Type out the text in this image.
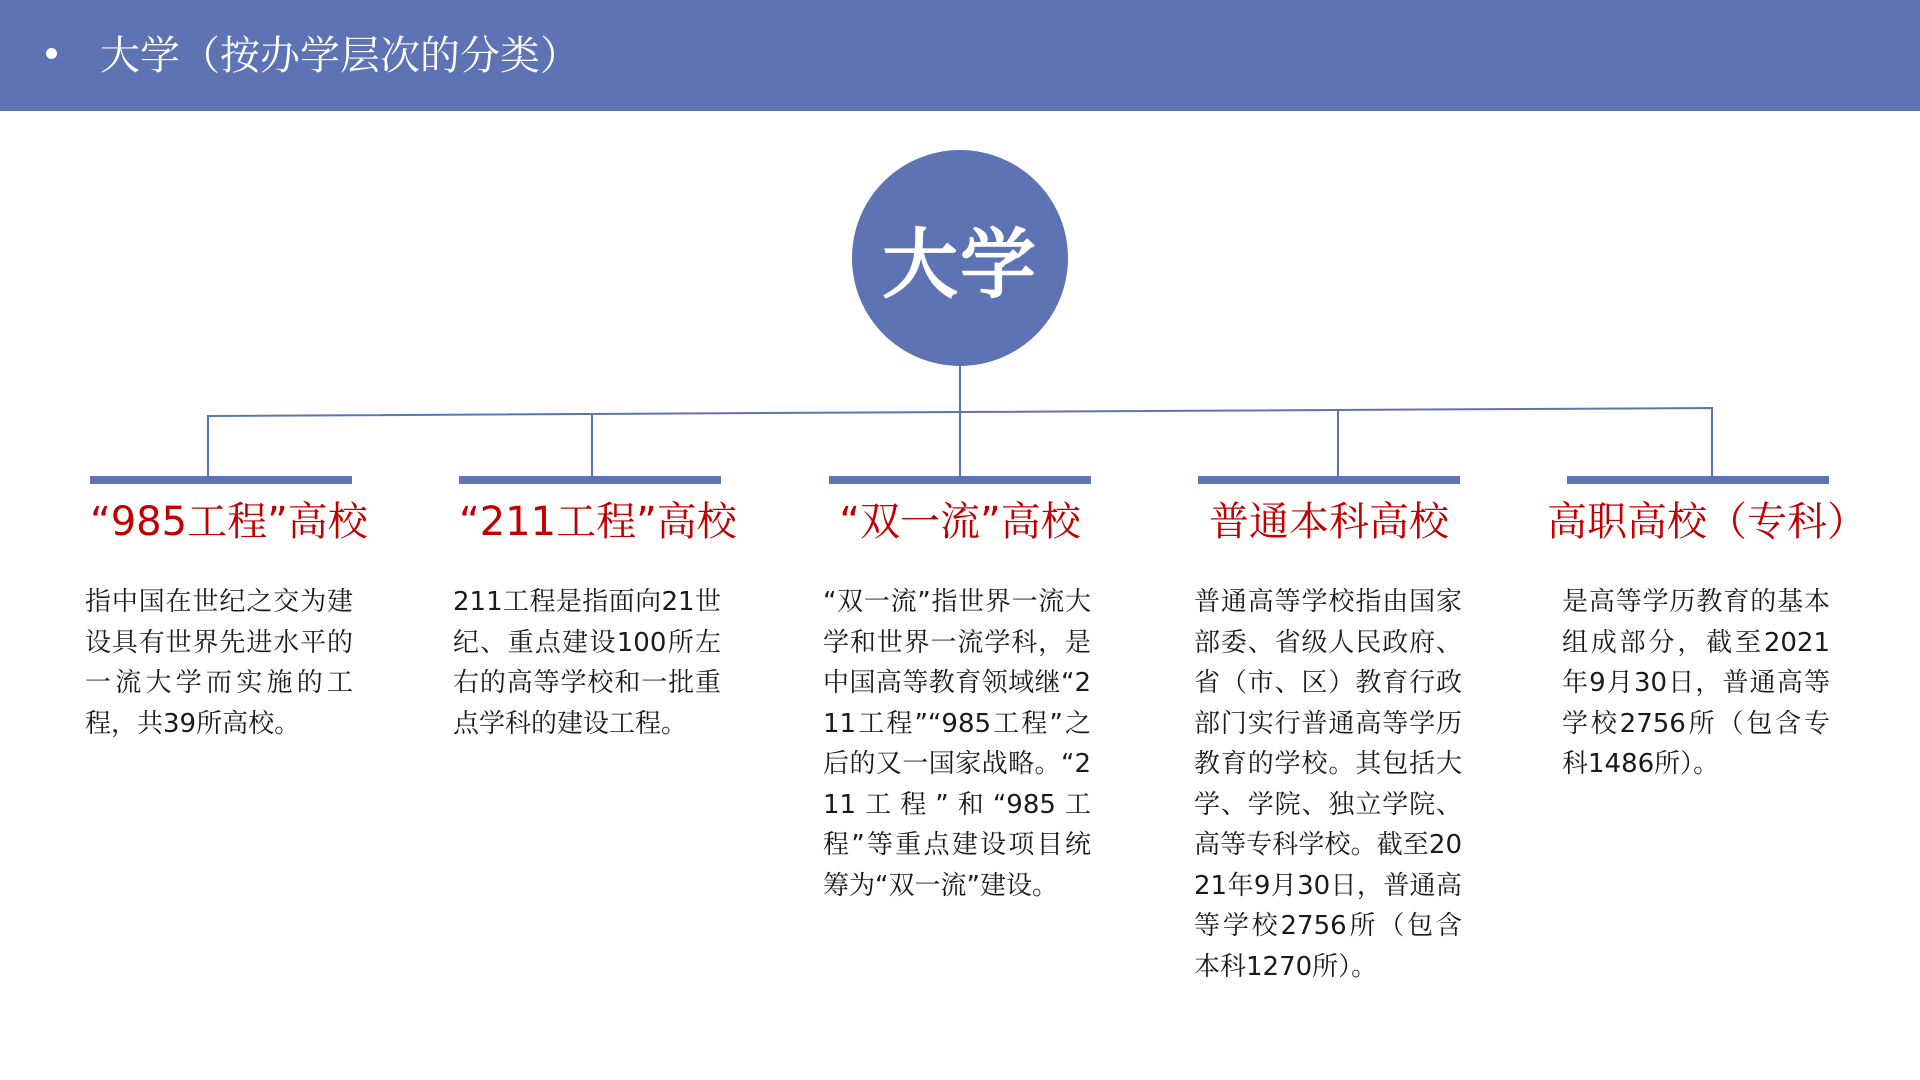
大学（按办学层次的分类）
大学
“985工程”高校
指中国在世纪之交为建设具有世界先进水平的一流大学而实施的工程，共39所高校。
“211工程”高校
211工程是指面向21世纪、重点建设100所左右的高等学校和一批重点学科的建设工程。
“双一流”高校
“双一流”指世界一流大学和世界一流学科，是中国高等教育领域继“211工程”“985工程”之后的又一国家战略。“211工程”和“985工程”等重点建设项目统筹为“双一流”建设。
普通本科高校
普通高等学校指由国家部委、省级人民政府、省（市、区）教育行政部门实行普通高等学历教育的学校。其包括大学、学院、独立学院、高等专科学校。截至2021年9月30日，普通高等学校2756所（包含本科1270所）。
高职高校（专科）
是高等学历教育的基本组成部分，截至2021年9月30日，普通高等学校2756所（包含专科1486所）。
